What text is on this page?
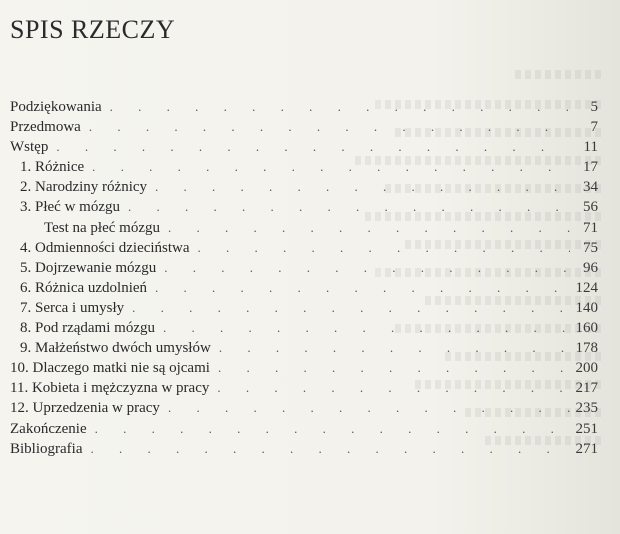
SPIS RZECZY
Podziękowania . . .	5
Przedmowa . . .	7
Wstęp . . .	11
1. Różnice . . .	17
2. Narodziny różnicy . . .	34
3. Płeć w mózgu . . .	56
Test na płeć mózgu . . .	71
4. Odmienności dzieciństwa . . .	75
5. Dojrzewanie mózgu . . .	96
6. Różnica uzdolnień . . .	124
7. Serca i umysły . . .	140
8. Pod rządami mózgu . . .	160
9. Małżeństwo dwóch umysłów . . .	178
10. Dlaczego matki nie są ojcami . . .	200
11. Kobieta i mężczyzna w pracy . . .	217
12. Uprzedzenia w pracy . . .	235
Zakończenie . . .	251
Bibliografia . . .	271
